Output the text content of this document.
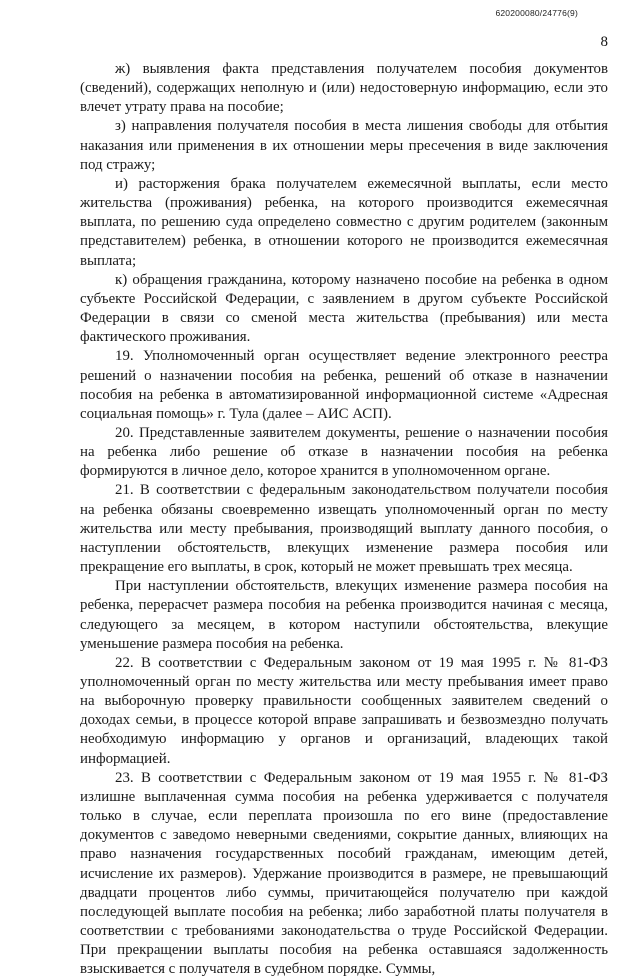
620200080/24776(9)
8

ж) выявления факта представления получателем пособия документов (сведений), содержащих неполную и (или) недостоверную информацию, если это влечет утрату права на пособие;

з) направления получателя пособия в места лишения свободы для отбытия наказания или применения в их отношении меры пресечения в виде заключения под стражу;

и) расторжения брака получателем ежемесячной выплаты, если место жительства (проживания) ребенка, на которого производится ежемесячная выплата, по решению суда определено совместно с другим родителем (законным представителем) ребенка, в отношении которого не производится ежемесячная выплата;

к) обращения гражданина, которому назначено пособие на ребенка в одном субъекте Российской Федерации, с заявлением в другом субъекте Российской Федерации в связи со сменой места жительства (пребывания) или места фактического проживания.

19. Уполномоченный орган осуществляет ведение электронного реестра решений о назначении пособия на ребенка, решений об отказе в назначении пособия на ребенка в автоматизированной информационной системе «Адресная социальная помощь» г. Тула (далее – АИС АСП).

20. Представленные заявителем документы, решение о назначении пособия на ребенка либо решение об отказе в назначении пособия на ребенка формируются в личное дело, которое хранится в уполномоченном органе.

21. В соответствии с федеральным законодательством получатели пособия на ребенка обязаны своевременно извещать уполномоченный орган по месту жительства или месту пребывания, производящий выплату данного пособия, о наступлении обстоятельств, влекущих изменение размера пособия или прекращение его выплаты, в срок, который не может превышать трех месяца.

При наступлении обстоятельств, влекущих изменение размера пособия на ребенка, перерасчет размера пособия на ребенка производится начиная с месяца, следующего за месяцем, в котором наступили обстоятельства, влекущие уменьшение размера пособия на ребенка.

22. В соответствии с Федеральным законом от 19 мая 1995 г. № 81-ФЗ уполномоченный орган по месту жительства или месту пребывания имеет право на выборочную проверку правильности сообщенных заявителем сведений о доходах семьи, в процессе которой вправе запрашивать и безвозмездно получать необходимую информацию у органов и организаций, владеющих такой информацией.

23. В соответствии с Федеральным законом от 19 мая 1955 г. № 81-ФЗ излишне выплаченная сумма пособия на ребенка удерживается с получателя только в случае, если переплата произошла по его вине (предоставление документов с заведомо неверными сведениями, сокрытие данных, влияющих на право назначения государственных пособий гражданам, имеющим детей, исчисление их размеров). Удержание производится в размере, не превышающий двадцати процентов либо суммы, причитающейся получателю при каждой последующей выплате пособия на ребенка; либо заработной платы получателя в соответствии с требованиями законодательства о труде Российской Федерации. При прекращении выплаты пособия на ребенка оставшаяся задолженность взыскивается с получателя в судебном порядке. Суммы,
